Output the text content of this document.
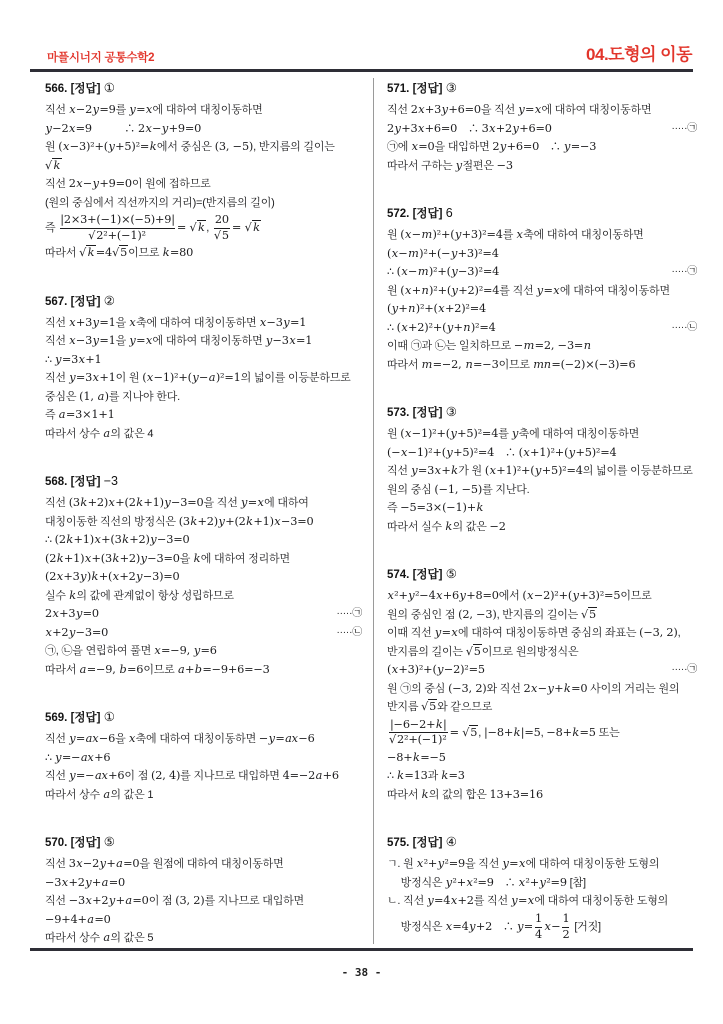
마플시너지 공통수학2	04.도형의 이동
566. [정답] ①
직선 x−2y=9를 y=x에 대하여 대칭이동하면
y−2x=9　　　∴ 2x−y+9=0
원 (x−3)²+(y+5)²=k에서 중심은 (3, −5), 반지름의 길이는
√ k
직선 2x−y+9=0이 원에 접하므로
(원의 중심에서 직선까지의 거리)=(반지름의 길이)
즉 $\frac{|2\times 3+(-1)\times(-5)+9|}{\text{√2²+(−1)²}}$ = √ k , $\frac{20}{√5}$ = √ k
따라서 √ k =4√5이므로 k=80
567. [정답] ②
직선 x+3y=1을 x축에 대하여 대칭이동하면 x−3y=1
직선 x−3y=1을 y=x에 대하여 대칭이동하면 y−3x=1
∴ y=3x+1
직선 y=3x+1이 원 (x−1)²+(y−a)²=1의 넓이를 이등분하므로
중심은 (1, a)를 지나야 한다.
즉 a=3×1+1
따라서 상수 a의 값은 4
568. [정답] −3
직선 (3k+2)x+(2k+1)y−3=0을 직선 y=x에 대하여
대칭이동한 직선의 방정식은 (3k+2)y+(2k+1)x−3=0
∴ (2k+1)x+(3k+2)y−3=0
(2k+1)x+(3k+2)y−3=0을 k에 대하여 정리하면
(2x+3y)k+(x+2y−3)=0
실수 k의 값에 관계없이 항상 성립하므로
2x+3y=0	·····㉠
x+2y−3=0	·····㉡
㉠, ㉡을 연립하여 풀면 x=−9, y=6
따라서 a=−9, b=6이므로 a+b=−9+6=−3
569. [정답] ①
직선 y=ax−6을 x축에 대하여 대칭이동하면 −y=ax−6
∴ y=−ax+6
직선 y=−ax+6이 점 (2, 4)를 지나므로 대입하면 4=−2a+6
따라서 상수 a의 값은 1
570. [정답] ⑤
직선 3x−2y+a=0을 원점에 대하여 대칭이동하면
−3x+2y+a=0
직선 −3x+2y+a=0이 점 (3, 2)를 지나므로 대입하면
−9+4+a=0
따라서 상수 a의 값은 5
571. [정답] ③
직선 2x+3y+6=0을 직선 y=x에 대하여 대칭이동하면
2y+3x+6=0　∴ 3x+2y+6=0	·····㉠
㉠에 x=0을 대입하면 2y+6=0　∴ y=−3
따라서 구하는 y절편은 −3
572. [정답] 6
원 (x−m)²+(y+3)²=4를 x축에 대하여 대칭이동하면
(x−m)²+(−y+3)²=4
∴ (x−m)²+(y−3)²=4	·····㉠
원 (x+n)²+(y+2)²=4를 직선 y=x에 대하여 대칭이동하면
(y+n)²+(x+2)²=4
∴ (x+2)²+(y+n)²=4	·····㉡
이때 ㉠과 ㉡는 일치하므로 −m=2, −3=n
따라서 m=−2, n=−3이므로 mn=(−2)×(−3)=6
573. [정답] ③
원 (x−1)²+(y+5)²=4를 y축에 대하여 대칭이동하면
(−x−1)²+(y+5)²=4　∴ (x+1)²+(y+5)²=4
직선 y=3x+k가 원 (x+1)²+(y+5)²=4의 넓이를 이등분하므로
원의 중심 (−1, −5)를 지난다.
즉 −5=3×(−1)+k
따라서 실수 k의 값은 −2
574. [정답] ⑤
x²+y²−4x+6y+8=0에서 (x−2)²+(y+3)²=5이므로
원의 중심인 점 (2, −3), 반지름의 길이는 √5
이때 직선 y=x에 대하여 대칭이동하면 중심의 좌표는 (−3, 2),
반지름의 길이는 √5이므로 원의방정식은
(x+3)²+(y−2)²=5	·····㉠
원 ㉠의 중심 (−3, 2)와 직선 2x−y+k=0 사이의 거리는 원의
반지름 √5와 같으므로
$\frac{|-6-2+k|}{\text{√2²+(−1)²}} = √5$, |−8+k|=5, −8+k=5 또는
−8+k=−5
∴ k=13과 k=3
따라서 k의 값의 합은 13+3=16
575. [정답] ④
ㄱ. 원 x²+y²=9을 직선 y=x에 대하여 대칭이동한 도형의
　 방정식은 y²+x²=9　∴ x²+y²=9 [참]
ㄴ. 직선 y=4x+2를 직선 y=x에 대하여 대칭이동한 도형의
　 방정식은 x=4y+2　∴ $y= \frac{1}{4} x- \frac{1}{2}$ [거짓]
- 38 -
